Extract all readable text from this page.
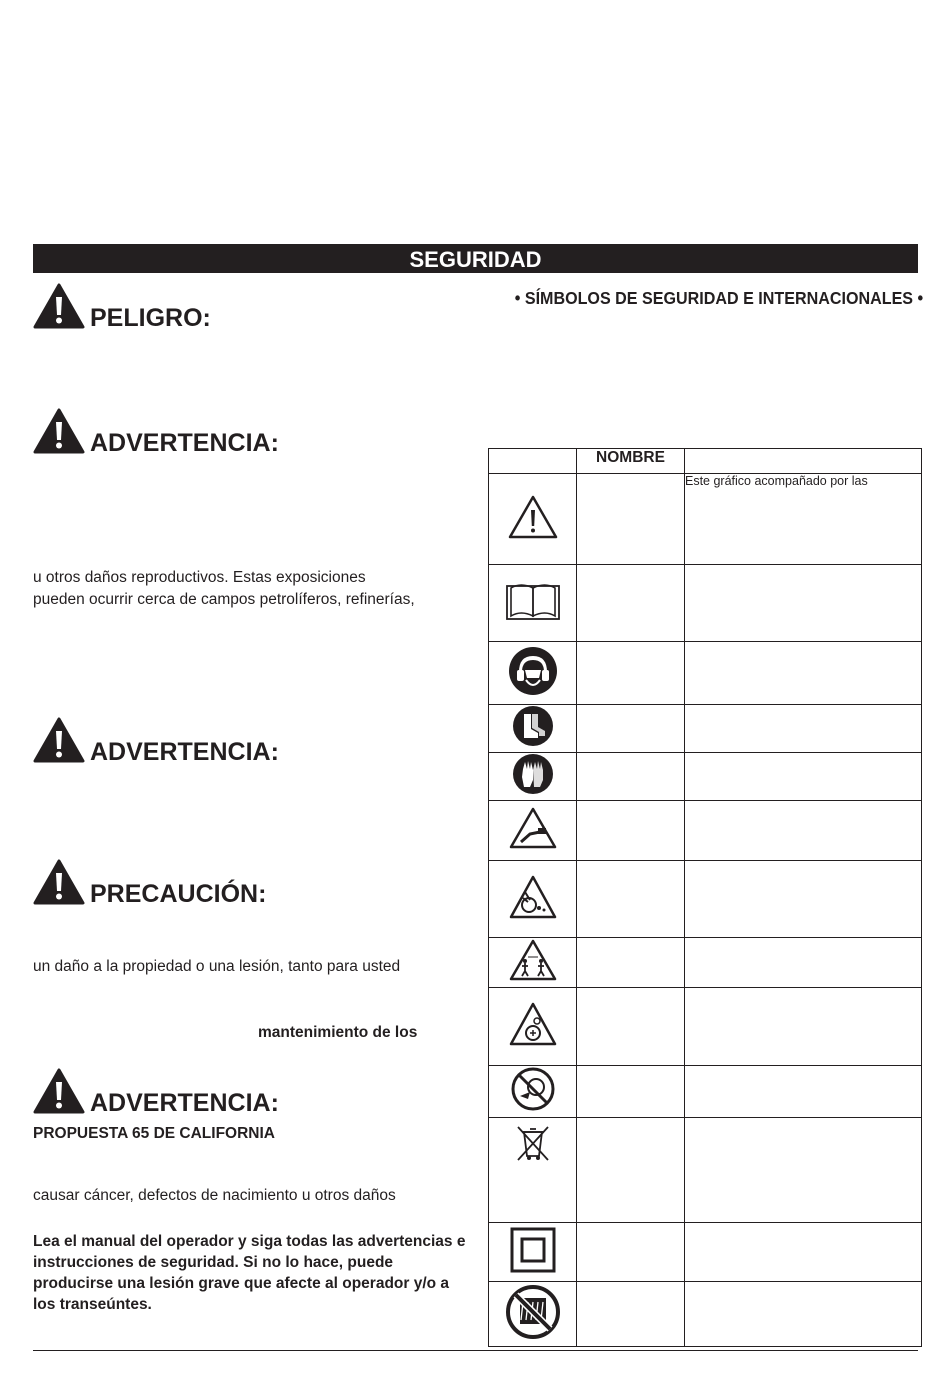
SEGURIDAD
• SÍMBOLOS DE SEGURIDAD E INTERNACIONALES •
PELIGRO:
ADVERTENCIA:
u otros daños reproductivos. Estas exposiciones
pueden ocurrir cerca de campos petrolíferos, refinerías,
ADVERTENCIA:
PRECAUCIÓN:
un daño a la propiedad o una lesión, tanto para usted
mantenimiento de los
ADVERTENCIA:
PROPUESTA 65 DE CALIFORNIA
causar cáncer, defectos de nacimiento u otros daños
Lea el manual del operador y siga todas las advertencias e instrucciones de seguridad. Si no lo hace, puede producirse una lesión grave que afecte al operador y/o a los transeúntes.
	NOMBRE	
		Este gráfico acompañado por las
